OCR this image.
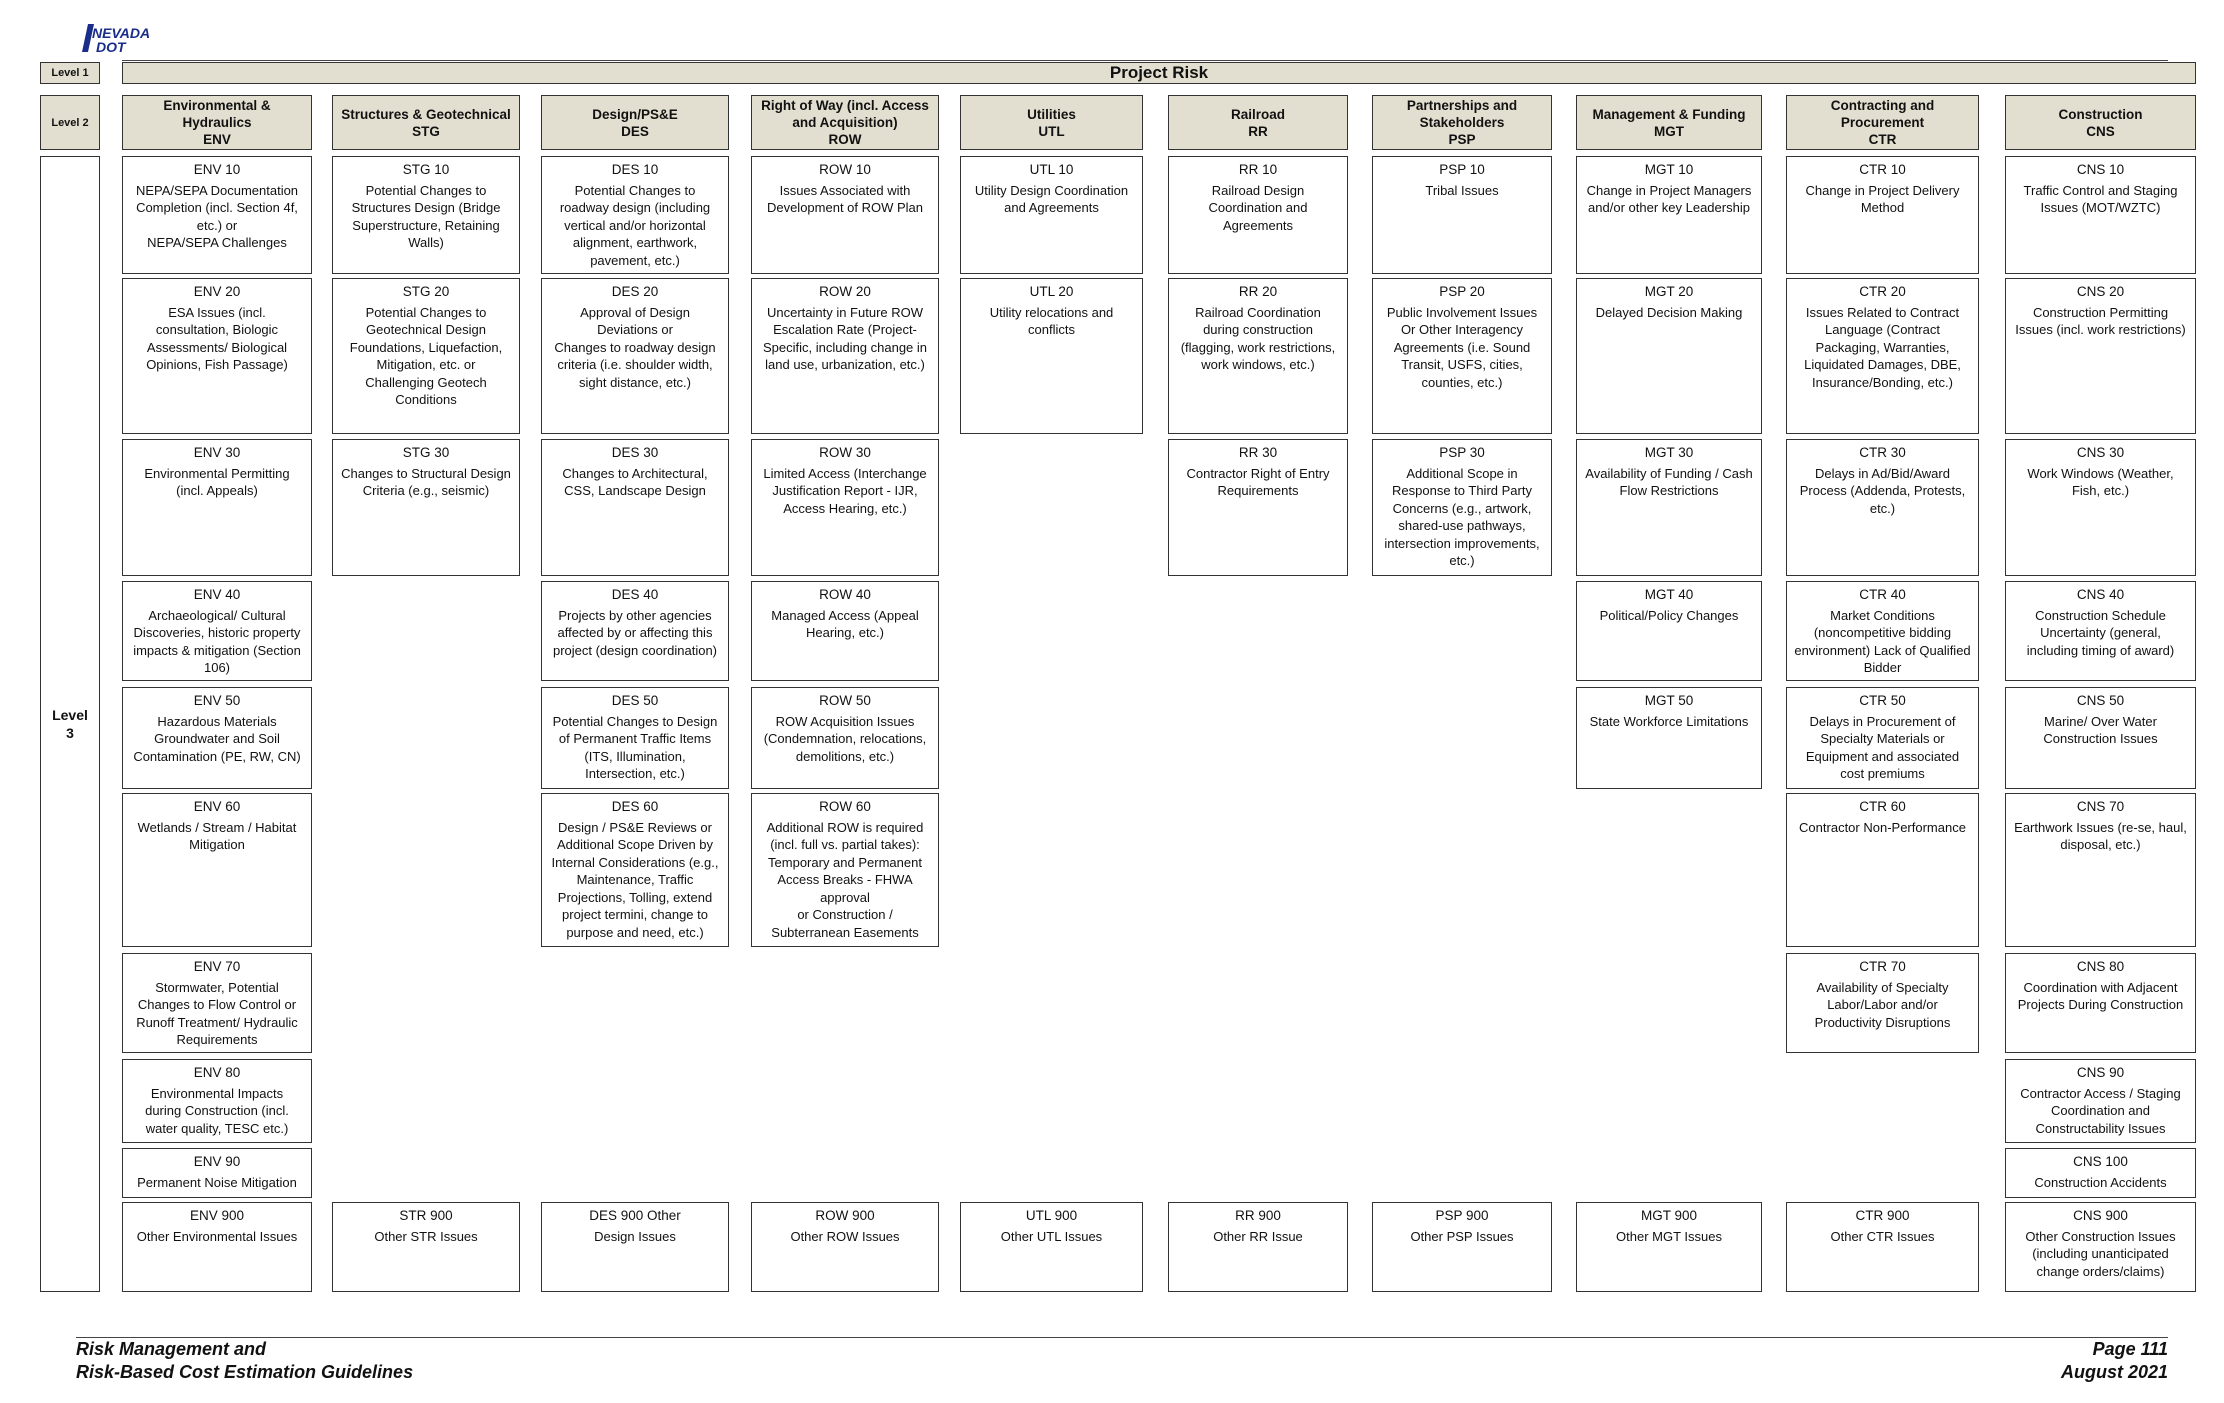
NEVADA
DOT
Level 1
Level 2
Project Risk
Level
3
Environmental &
Hydraulics
ENV
Structures & Geotechnical
STG
Design/PS&E
DES
Right of Way (incl. Access
and Acquisition)
ROW
Utilities
UTL
Railroad
RR
Partnerships and
Stakeholders
PSP
Management & Funding
MGT
Contracting and
Procurement
CTR
Construction
CNS
ENV 10
NEPA/SEPA Documentation
Completion (incl. Section 4f,
etc.) or
NEPA/SEPA Challenges
ENV 20
ESA Issues (incl.
consultation, Biologic
Assessments/ Biological
Opinions, Fish Passage)
ENV 30
Environmental Permitting
(incl. Appeals)
ENV 40
Archaeological/ Cultural
Discoveries, historic property
impacts & mitigation (Section
106)
ENV 50
Hazardous Materials
Groundwater and Soil
Contamination (PE, RW, CN)
ENV 60
Wetlands / Stream / Habitat
Mitigation
ENV 70
Stormwater, Potential
Changes to Flow Control or
Runoff Treatment/ Hydraulic
Requirements
ENV 80
Environmental Impacts
during Construction (incl.
water quality, TESC etc.)
ENV 90
Permanent Noise Mitigation
ENV 900
Other Environmental Issues
STG 10
Potential Changes to
Structures Design (Bridge
Superstructure, Retaining
Walls)
STG 20
Potential Changes to
Geotechnical Design
Foundations, Liquefaction,
Mitigation, etc. or
Challenging Geotech
Conditions
STG 30
Changes to Structural Design
Criteria (e.g., seismic)
STR 900
Other STR Issues
DES 10
Potential Changes to
roadway design (including
vertical and/or horizontal
alignment, earthwork,
pavement, etc.)
DES 20
Approval of Design
Deviations or
Changes to roadway design
criteria (i.e. shoulder width,
sight distance, etc.)
DES 30
Changes to Architectural,
CSS, Landscape Design
DES 40
Projects by other agencies
affected by or affecting this
project (design coordination)
DES 50
Potential Changes to Design
of Permanent Traffic Items
(ITS, Illumination,
Intersection, etc.)
DES 60
Design / PS&E Reviews or
Additional Scope Driven by
Internal Considerations (e.g.,
Maintenance, Traffic
Projections, Tolling, extend
project termini, change to
purpose and need, etc.)
DES 900 Other
Design Issues
ROW 10
Issues Associated with
Development of ROW Plan
ROW 20
Uncertainty in Future ROW
Escalation Rate (Project-
Specific, including change in
land use, urbanization, etc.)
ROW 30
Limited Access (Interchange
Justification Report - IJR,
Access Hearing, etc.)
ROW 40
Managed Access (Appeal
Hearing, etc.)
ROW 50
ROW Acquisition Issues
(Condemnation, relocations,
demolitions, etc.)
ROW 60
Additional ROW is required
(incl. full vs. partial takes):
Temporary and Permanent
Access Breaks - FHWA
approval
or Construction /
Subterranean Easements
ROW 900
Other ROW Issues
UTL 10
Utility Design Coordination
and Agreements
UTL 20
Utility relocations and
conflicts
UTL 900
Other UTL Issues
RR 10
Railroad Design
Coordination and
Agreements
RR 20
Railroad Coordination
during construction
(flagging, work restrictions,
work windows, etc.)
RR 30
Contractor Right of Entry
Requirements
RR 900
Other RR Issue
PSP 10
Tribal Issues
PSP 20
Public Involvement Issues
Or Other Interagency
Agreements (i.e. Sound
Transit, USFS, cities,
counties, etc.)
PSP 30
Additional Scope in
Response to Third Party
Concerns (e.g., artwork,
shared-use pathways,
intersection improvements,
etc.)
PSP 900
Other PSP Issues
MGT 10
Change in Project Managers
and/or other key Leadership
MGT 20
Delayed Decision Making
MGT 30
Availability of Funding / Cash
Flow Restrictions
MGT 40
Political/Policy Changes
MGT 50
State Workforce Limitations
MGT 900
Other MGT Issues
CTR 10
Change in Project Delivery
Method
CTR 20
Issues Related to Contract
Language (Contract
Packaging, Warranties,
Liquidated Damages, DBE,
Insurance/Bonding, etc.)
CTR 30
Delays in Ad/Bid/Award
Process (Addenda, Protests,
etc.)
CTR 40
Market Conditions
(noncompetitive bidding
environment) Lack of Qualified
Bidder
CTR 50
Delays in Procurement of
Specialty Materials or
Equipment and associated
cost premiums
CTR 60
Contractor Non-Performance
CTR 70
Availability of Specialty
Labor/Labor and/or
Productivity Disruptions
CTR 900
Other CTR Issues
CNS 10
Traffic Control and Staging
Issues (MOT/WZTC)
CNS 20
Construction Permitting
Issues (incl. work restrictions)
CNS 30
Work Windows (Weather,
Fish, etc.)
CNS 40
Construction Schedule
Uncertainty (general,
including timing of award)
CNS 50
Marine/ Over Water
Construction Issues
CNS 70
Earthwork Issues (re-se, haul,
disposal, etc.)
CNS 80
Coordination with Adjacent
Projects During Construction
CNS 90
Contractor Access / Staging
Coordination and
Constructability Issues
CNS 100
Construction Accidents
CNS 900
Other Construction Issues
(including unanticipated
change orders/claims)
Risk Management and
Risk-Based Cost Estimation Guidelines
Page 111
August 2021
